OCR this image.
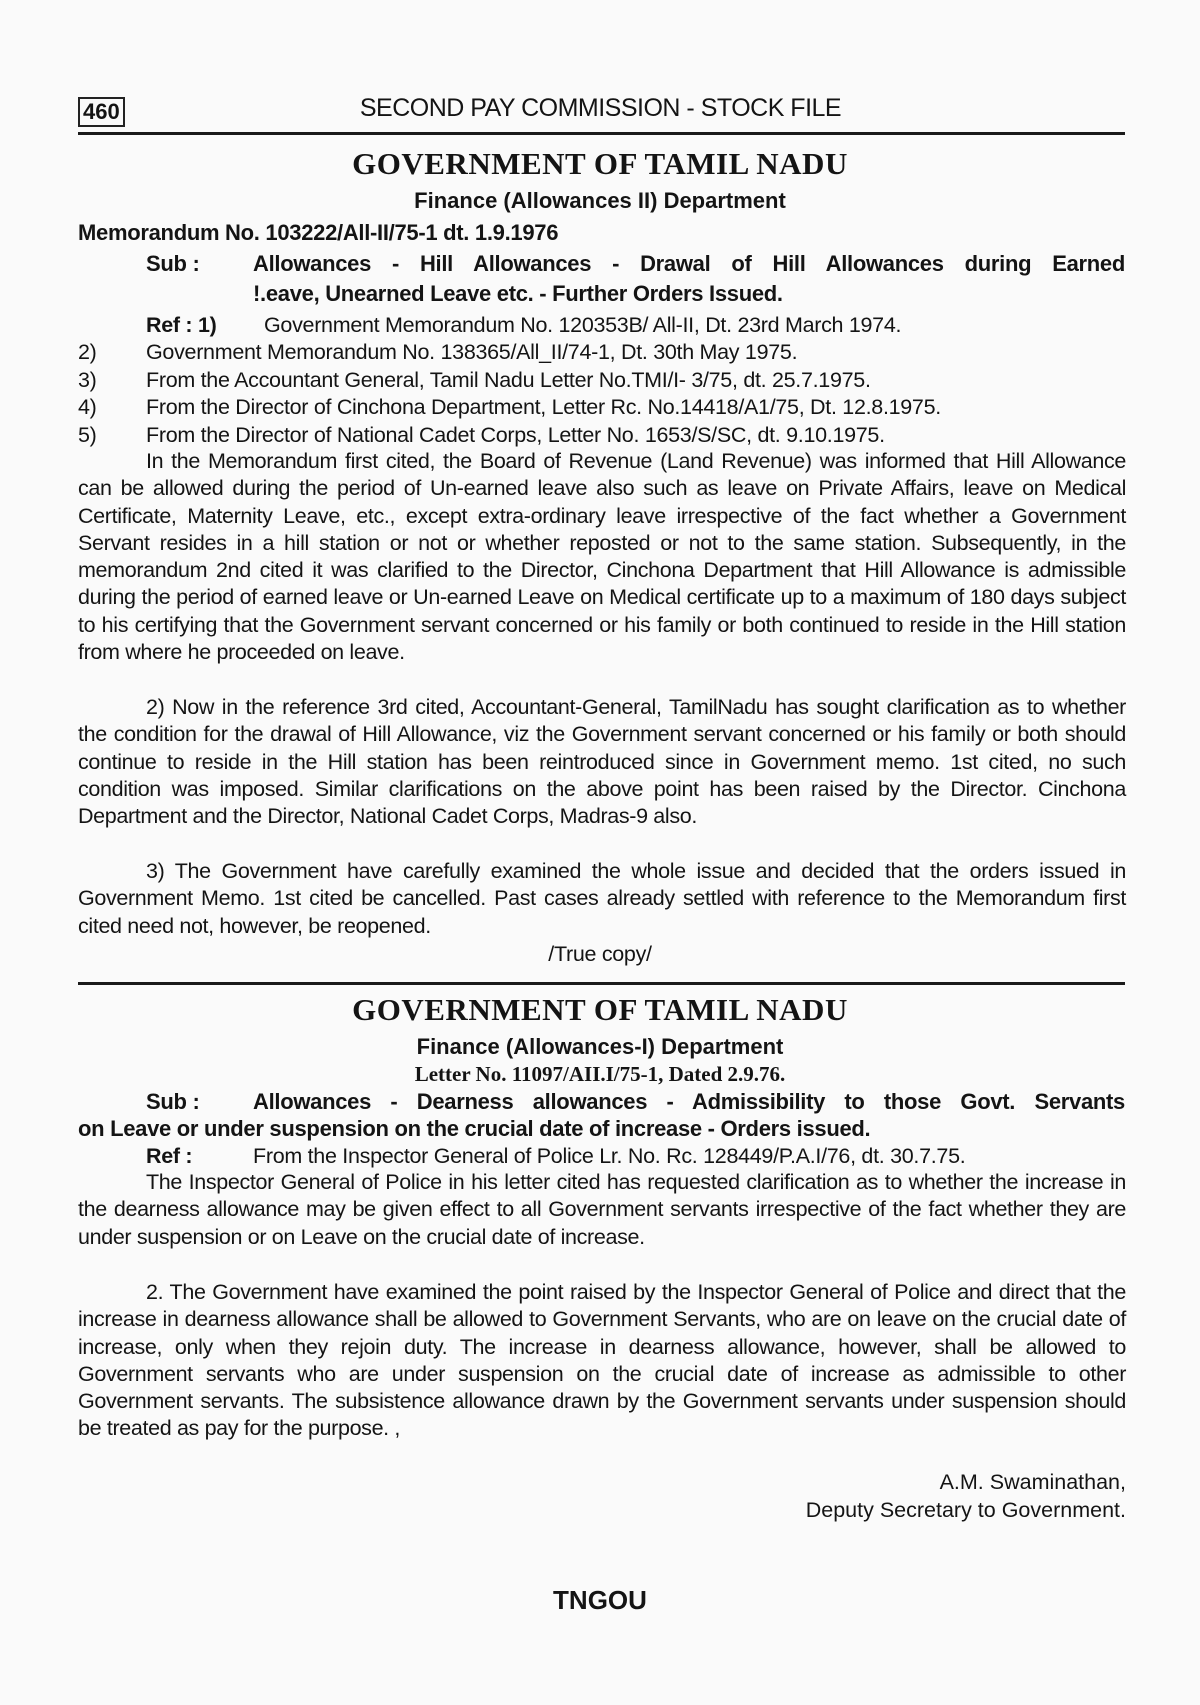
460	SECOND PAY COMMISSION - STOCK FILE
GOVERNMENT OF TAMIL NADU
Finance (Allowances II) Department
Memorandum No. 103222/All-II/75-1 dt. 1.9.1976
Sub : Allowances - Hill Allowances - Drawal of Hill Allowances during Earned
!.eave, Unearned Leave etc. - Further Orders Issued.
Ref : 1) Government Memorandum No. 120353B/ All-II, Dt. 23rd March 1974.
2) Government Memorandum No. 138365/All_II/74-1, Dt. 30th May 1975.
3) From the Accountant General, Tamil Nadu Letter No.TMI/I- 3/75, dt. 25.7.1975.
4) From the Director of Cinchona Department, Letter Rc. No.14418/A1/75, Dt. 12.8.1975.
5) From the Director of National Cadet Corps, Letter No. 1653/S/SC, dt. 9.10.1975.
In the Memorandum first cited, the Board of Revenue (Land Revenue) was informed that Hill Allowance can be allowed during the period of Un-earned leave also such as leave on Private Affairs, leave on Medical Certificate, Maternity Leave, etc., except extra-ordinary leave irrespective of the fact whether a Government Servant resides in a hill station or not or whether reposted or not to the same station. Subsequently, in the memorandum 2nd cited it was clarified to the Director, Cinchona Department that Hill Allowance is admissible during the period of earned leave or Un-earned Leave on Medical certificate up to a maximum of 180 days subject to his certifying that the Government servant concerned or his family or both continued to reside in the Hill station from where he proceeded on leave.
2) Now in the reference 3rd cited, Accountant-General, TamilNadu has sought clarification as to whether the condition for the drawal of Hill Allowance, viz the Government servant concerned or his family or both should continue to reside in the Hill station has been reintroduced since in Government memo. 1st cited, no such condition was imposed. Similar clarifications on the above point has been raised by the Director. Cinchona Department and the Director, National Cadet Corps, Madras-9 also.
3) The Government have carefully examined the whole issue and decided that the orders issued in Government Memo. 1st cited be cancelled. Past cases already settled with reference to the Memorandum first cited need not, however, be reopened.
/True copy/
GOVERNMENT OF TAMIL NADU
Finance (Allowances-I) Department
Letter No. 11097/AII.I/75-1, Dated 2.9.76.
Sub : Allowances - Dearness allowances - Admissibility to those Govt. Servants
on Leave or under suspension on the crucial date of increase - Orders issued.
Ref :	From the Inspector General of Police Lr. No. Rc. 128449/P.A.I/76, dt. 30.7.75.
The Inspector General of Police in his letter cited has requested clarification as to whether the increase in the dearness allowance may be given effect to all Government servants irrespective of the fact whether they are under suspension or on Leave on the crucial date of increase.
2. The Government have examined the point raised by the Inspector General of Police and direct that the increase in dearness allowance shall be allowed to Government Servants, who are on leave on the crucial date of increase, only when they rejoin duty. The increase in dearness allowance, however, shall be allowed to Government servants who are under suspension on the crucial date of increase as admissible to other Government servants. The subsistence allowance drawn by the Government servants under suspension should be treated as pay for the purpose. ,
A.M. Swaminathan,
Deputy Secretary to Government.
TNGOU
